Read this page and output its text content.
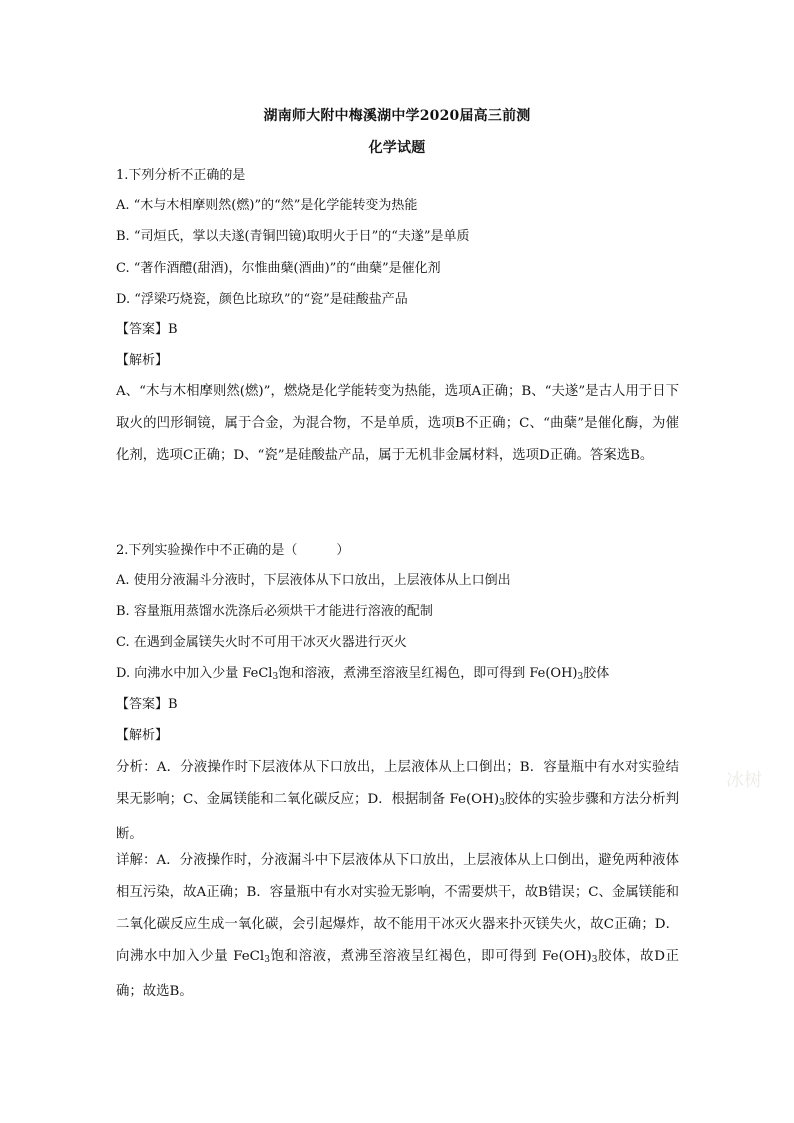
湖南师大附中梅溪湖中学2020届高三前测
化学试题
1.下列分析不正确的是
A. “木与木相摩则然(燃)”的“然”是化学能转变为热能
B. “司烜氏，掌以夫遂(青铜凹镜)取明火于日”的“夫遂”是单质
C. “著作酒醴(甜酒)，尔惟曲蘖(酒曲)”的“曲蘖”是催化剂
D. “浮梁巧烧瓷，颜色比琼玖”的“瓷”是硅酸盐产品
【答案】B
【解析】
A、“木与木相摩则然(燃)”，燃烧是化学能转变为热能，选项A正确；B、“夫遂”是古人用于日下取火的凹形铜镜，属于合金，为混合物，不是单质，选项B不正确；C、“曲蘖”是催化酶，为催化剂，选项C正确；D、“瓷”是硅酸盐产品，属于无机非金属材料，选项D正确。答案选B。
2.下列实验操作中不正确的是（　　　）
A. 使用分液漏斗分液时，下层液体从下口放出，上层液体从上口倒出
B. 容量瓶用蒸馏水洗涤后必须烘干才能进行溶液的配制
C. 在遇到金属镁失火时不可用干冰灭火器进行灭火
D. 向沸水中加入少量 FeCl$_3$饱和溶液，煮沸至溶液呈红褐色，即可得到 $Fe(OH)_3$胶体
【答案】B
【解析】
分析：A．分液操作时下层液体从下口放出，上层液体从上口倒出；B．容量瓶中有水对实验结果无影响；C、金属镁能和二氧化碳反应；D．根据制备 $Fe(OH)_3$胶体的实验步骤和方法分析判断。
详解：A．分液操作时，分液漏斗中下层液体从下口放出，上层液体从上口倒出，避免两种液体相互污染，故A正确；B．容量瓶中有水对实验无影响，不需要烘干，故B错误；C、金属镁能和二氧化碳反应生成一氧化碳，会引起爆炸，故不能用干冰灭火器来扑灭镁失火，故C正确；D．向沸水中加入少量 FeCl$_3$饱和溶液，煮沸至溶液呈红褐色，即可得到 $Fe(OH)_3$胶体，故D正确；故选B。
冰树
